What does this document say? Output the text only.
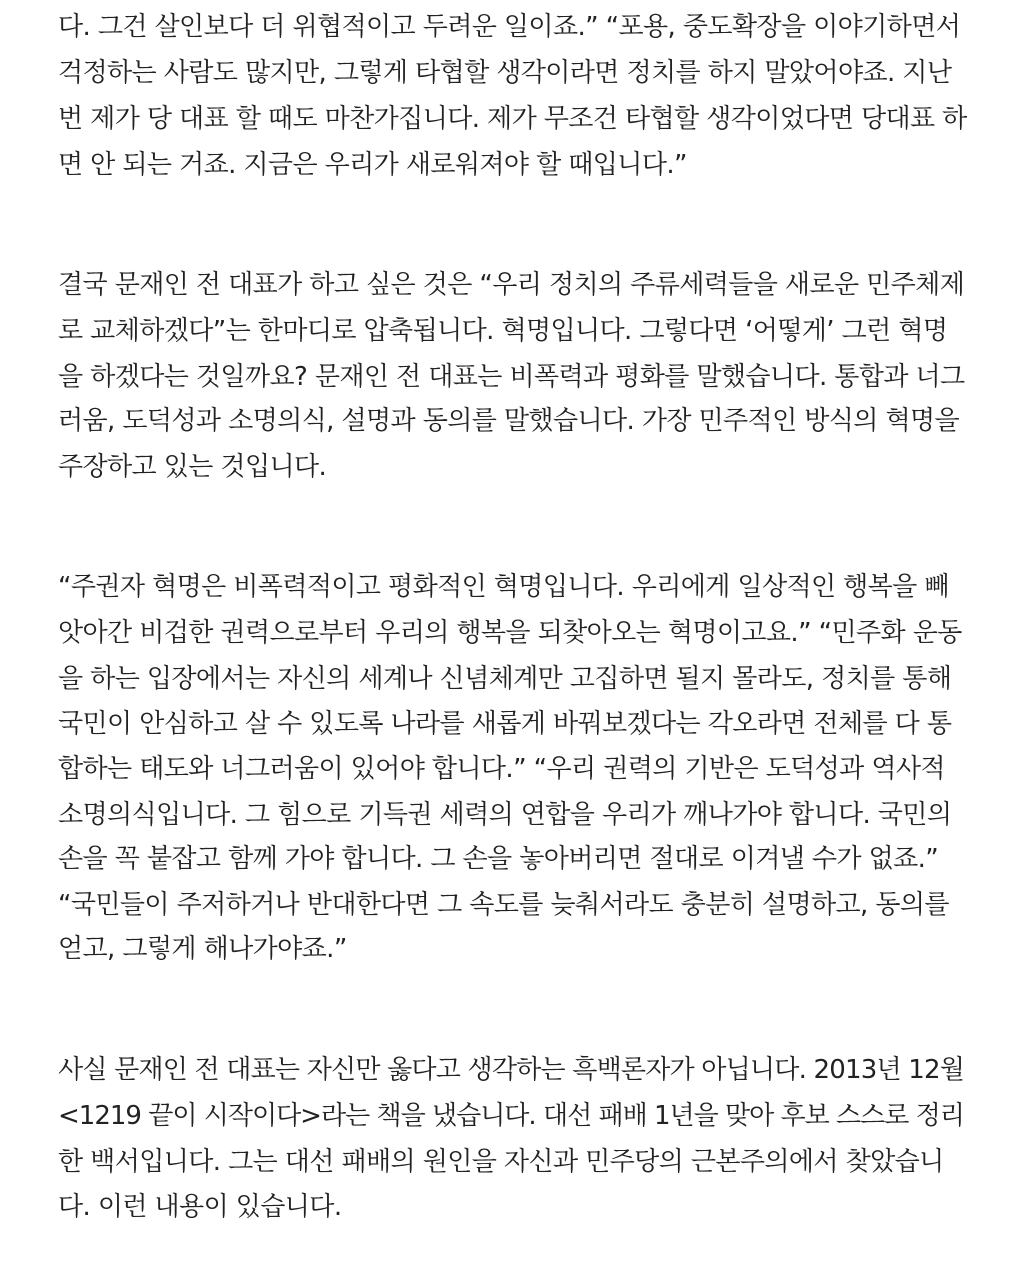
다. 그건 살인보다 더 위협적이고 두려운 일이죠.” “포용, 중도확장을 이야기하면서
걱정하는 사람도 많지만, 그렇게 타협할 생각이라면 정치를 하지 말았어야죠. 지난
번 제가 당 대표 할 때도 마찬가집니다. 제가 무조건 타협할 생각이었다면 당대표 하
면 안 되는 거죠. 지금은 우리가 새로워져야 할 때입니다.”
결국 문재인 전 대표가 하고 싶은 것은 “우리 정치의 주류세력들을 새로운 민주체제
로 교체하겠다”는 한마디로 압축됩니다. 혁명입니다. 그렇다면 ‘어떻게’ 그런 혁명
을 하겠다는 것일까요? 문재인 전 대표는 비폭력과 평화를 말했습니다. 통합과 너그
러움, 도덕성과 소명의식, 설명과 동의를 말했습니다. 가장 민주적인 방식의 혁명을
주장하고 있는 것입니다.
“주권자 혁명은 비폭력적이고 평화적인 혁명입니다. 우리에게 일상적인 행복을 빼
앗아간 비겁한 권력으로부터 우리의 행복을 되찾아오는 혁명이고요.” “민주화 운동
을 하는 입장에서는 자신의 세계나 신념체계만 고집하면 될지 몰라도, 정치를 통해
국민이 안심하고 살 수 있도록 나라를 새롭게 바꿔보겠다는 각오라면 전체를 다 통
합하는 태도와 너그러움이 있어야 합니다.” “우리 권력의 기반은 도덕성과 역사적
소명의식입니다. 그 힘으로 기득권 세력의 연합을 우리가 깨나가야 합니다. 국민의
손을 꼭 붙잡고 함께 가야 합니다. 그 손을 놓아버리면 절대로 이겨낼 수가 없죠.”
“국민들이 주저하거나 반대한다면 그 속도를 늦춰서라도 충분히 설명하고, 동의를
얻고, 그렇게 해나가야죠.”
사실 문재인 전 대표는 자신만 옳다고 생각하는 흑백론자가 아닙니다. 2013년 12월
<1219 끝이 시작이다>라는 책을 냈습니다. 대선 패배 1년을 맞아 후보 스스로 정리
한 백서입니다. 그는 대선 패배의 원인을 자신과 민주당의 근본주의에서 찾았습니
다. 이런 내용이 있습니다.
